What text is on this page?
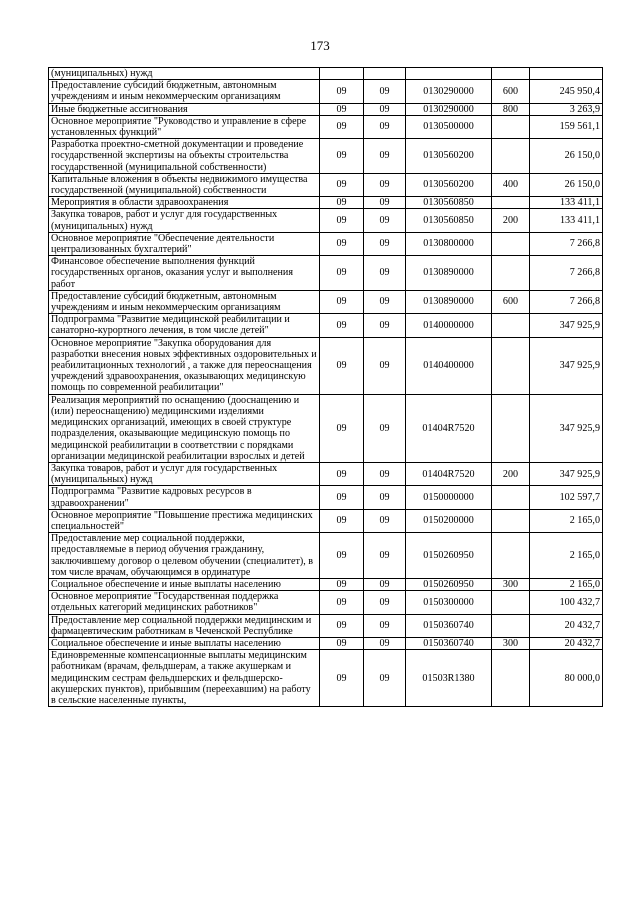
173
(муниципальных) нужд					
Предоставление субсидий бюджетным, автономным учреждениям и иным некоммерческим организациям	09	09	0130290000	600	245 950,4
Иные бюджетные ассигнования	09	09	0130290000	800	3 263,9
Основное мероприятие "Руководство и управление в сфере установленных функций"	09	09	0130500000		159 561,1
Разработка проектно-сметной документации и проведение государственной экспертизы на объекты строительства государственной (муниципальной собственности)	09	09	0130560200		26 150,0
Капитальные вложения в объекты недвижимого имущества государственной (муниципальной) собственности	09	09	0130560200	400	26 150,0
Мероприятия в области здравоохранения	09	09	0130560850		133 411,1
Закупка товаров, работ и услуг для государственных (муниципальных) нужд	09	09	0130560850	200	133 411,1
Основное мероприятие "Обеспечение деятельности централизованных бухгалтерий"	09	09	0130800000		7 266,8
Финансовое обеспечение выполнения функций государственных органов, оказания услуг и выполнения работ	09	09	0130890000		7 266,8
Предоставление субсидий бюджетным, автономным учреждениям и иным некоммерческим организациям	09	09	0130890000	600	7 266,8
Подпрограмма "Развитие медицинской реабилитации и санаторно-курортного лечения, в том числе детей"	09	09	0140000000		347 925,9
Основное мероприятие "Закупка оборудования для разработки внесения новых эффективных оздоровительных и реабилитационных технологий , а также для переоснащения учреждений здравоохранения, оказывающих медицинскую помощь по современной реабилитации"	09	09	0140400000		347 925,9
Реализация мероприятий по оснащению (дооснащению и (или) переоснащению) медицинскими изделиями медицинских организаций, имеющих в своей структуре подразделения, оказывающие медицинскую помощь по медицинской реабилитации в соответствии с порядками организации медицинской реабилитации взрослых и детей	09	09	01404R7520		347 925,9
Закупка товаров, работ и услуг для государственных (муниципальных) нужд	09	09	01404R7520	200	347 925,9
Подпрограмма "Развитие кадровых ресурсов в здравоохранении"	09	09	0150000000		102 597,7
Основное мероприятие "Повышение престижа медицинских специальностей"	09	09	0150200000		2 165,0
Предоставление мер социальной поддержки, предоставляемые в период обучения гражданину, заключившему договор о целевом обучении (специалитет), в том числе врачам, обучающимся в ординатуре	09	09	0150260950		2 165,0
Социальное обеспечение и иные выплаты населению	09	09	0150260950	300	2 165,0
Основное мероприятие "Государственная поддержка отдельных категорий медицинских работников"	09	09	0150300000		100 432,7
Предоставление мер социальной поддержки медицинским и фармацевтическим работникам в Чеченской Республике	09	09	0150360740		20 432,7
Социальное обеспечение и иные выплаты населению	09	09	0150360740	300	20 432,7
Единовременные компенсационные выплаты медицинским работникам (врачам, фельдшерам, а также акушеркам и медицинским сестрам фельдшерских и фельдшерско-акушерских пунктов), прибывшим (переехавшим) на работу в сельские населенные пункты,	09	09	01503R1380		80 000,0
